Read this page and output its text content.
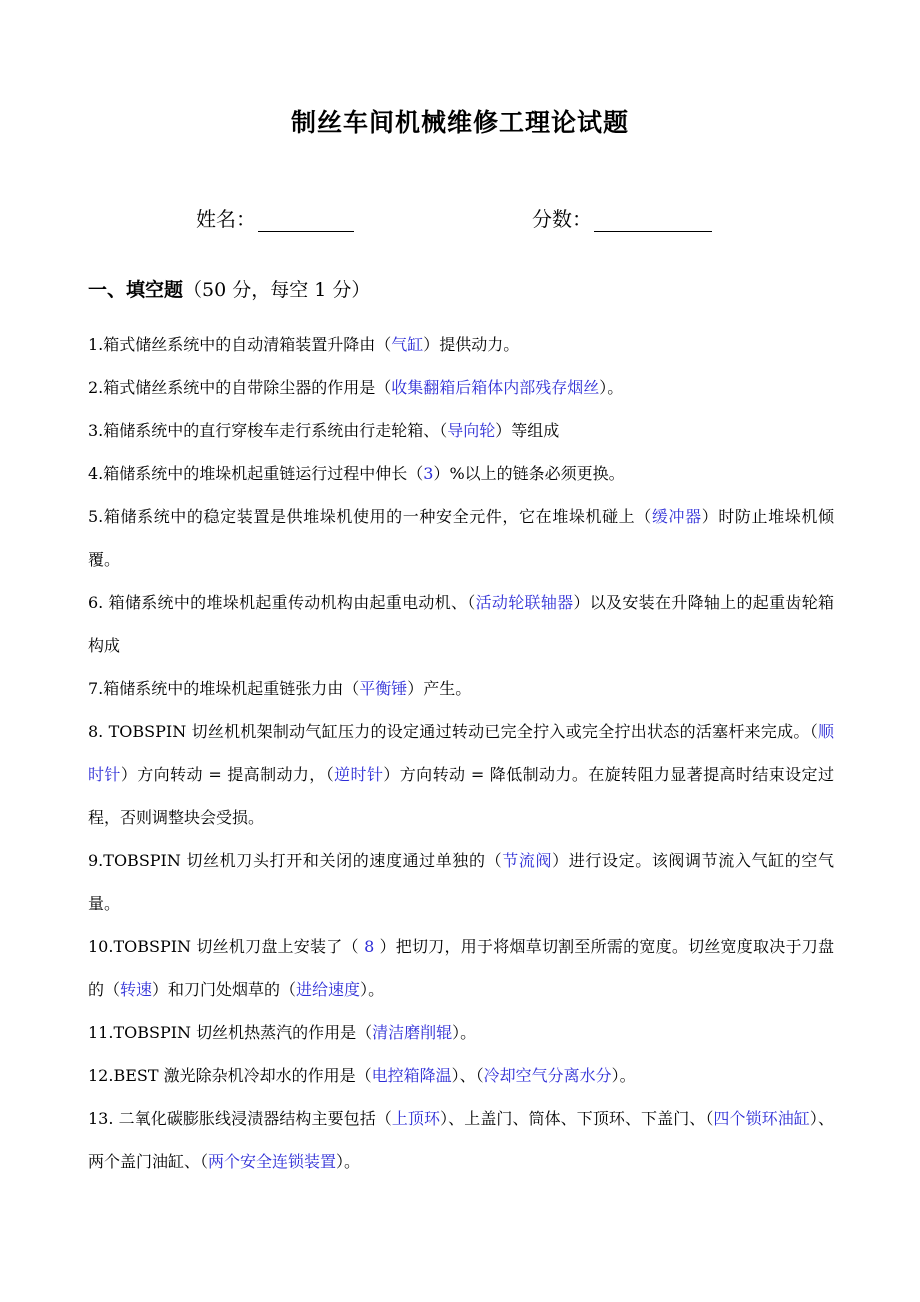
制丝车间机械维修工理论试题
姓名：	分数：
一、填空题（50 分，每空 1 分）

1.箱式储丝系统中的自动清箱装置升降由（气缸）提供动力。

2.箱式储丝系统中的自带除尘器的作用是（收集翻箱后箱体内部残存烟丝）。

3.箱储系统中的直行穿梭车走行系统由行走轮箱、（导向轮）等组成

4.箱储系统中的堆垛机起重链运行过程中伸长（3）%以上的链条必须更换。

5.箱储系统中的稳定装置是供堆垛机使用的一种安全元件，它在堆垛机碰上（缓冲器）时防止堆垛机倾覆。

6. 箱储系统中的堆垛机起重传动机构由起重电动机、（活动轮联轴器）以及安装在升降轴上的起重齿轮箱构成

7.箱储系统中的堆垛机起重链张力由（平衡锤）产生。

8. TOBSPIN 切丝机机架制动气缸压力的设定通过转动已完全拧入或完全拧出状态的活塞杆来完成。（顺时针）方向转动 = 提高制动力，（逆时针）方向转动 = 降低制动力。在旋转阻力显著提高时结束设定过程，否则调整块会受损。

9.TOBSPIN 切丝机刀头打开和关闭的速度通过单独的（节流阀）进行设定。该阀调节流入气缸的空气量。

10.TOBSPIN 切丝机刀盘上安装了（ 8 ）把切刀，用于将烟草切割至所需的宽度。切丝宽度取决于刀盘的（转速）和刀门处烟草的（进给速度）。

11.TOBSPIN 切丝机热蒸汽的作用是（清洁磨削辊）。

12.BEST 激光除杂机冷却水的作用是（电控箱降温）、（冷却空气分离水分）。

13. 二氧化碳膨胀线浸渍器结构主要包括（上顶环）、上盖门、筒体、下顶环、下盖门、（四个锁环油缸）、两个盖门油缸、（两个安全连锁装置）。
